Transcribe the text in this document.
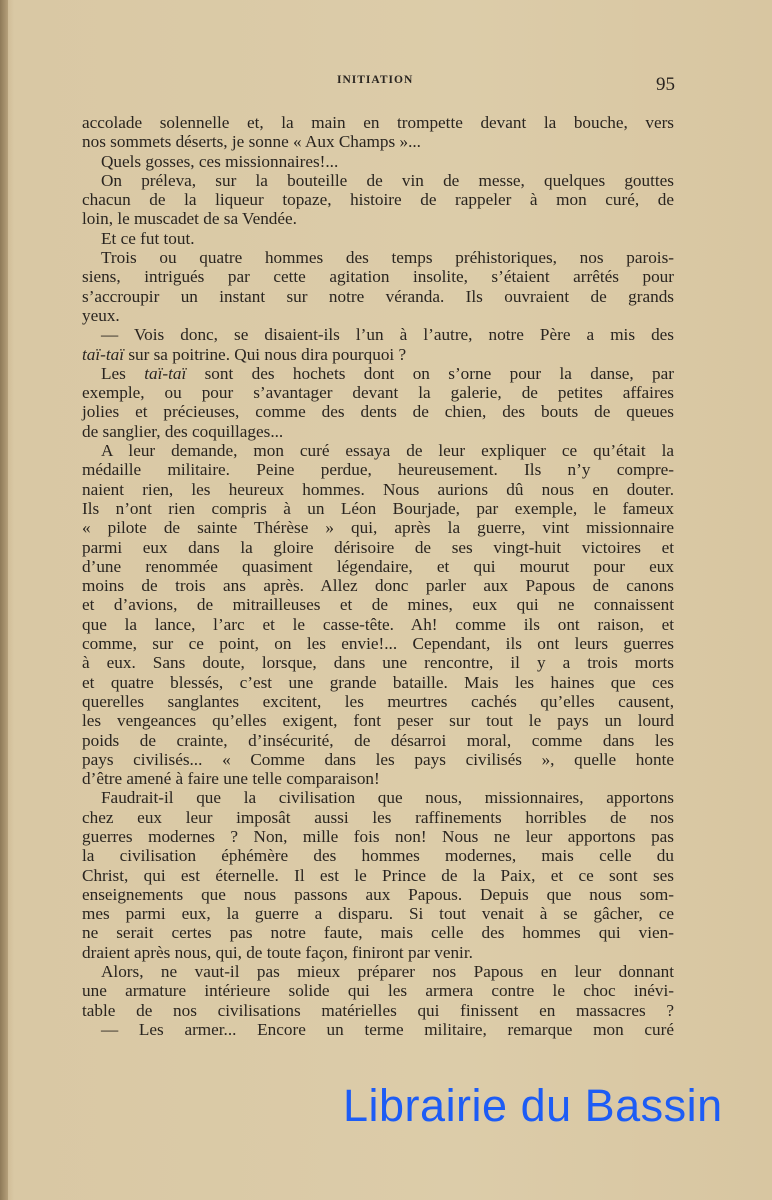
INITIATION	95
accolade solennelle et, la main en trompette devant la bouche, vers
nos sommets déserts, je sonne « Aux Champs »...
Quels gosses, ces missionnaires!...
On préleva, sur la bouteille de vin de messe, quelques gouttes
chacun de la liqueur topaze, histoire de rappeler à mon curé, de
loin, le muscadet de sa Vendée.
Et ce fut tout.
Trois ou quatre hommes des temps préhistoriques, nos parois-
siens, intrigués par cette agitation insolite, s’étaient arrêtés pour
s’accroupir un instant sur notre véranda. Ils ouvraient de grands
yeux.
— Vois donc, se disaient-ils l’un à l’autre, notre Père a mis des
taï-taï sur sa poitrine. Qui nous dira pourquoi ?
Les taï-taï sont des hochets dont on s’orne pour la danse, par
exemple, ou pour s’avantager devant la galerie, de petites affaires
jolies et précieuses, comme des dents de chien, des bouts de queues
de sanglier, des coquillages...
A leur demande, mon curé essaya de leur expliquer ce qu’était la
médaille militaire. Peine perdue, heureusement. Ils n’y compre-
naient rien, les heureux hommes. Nous aurions dû nous en douter.
Ils n’ont rien compris à un Léon Bourjade, par exemple, le fameux
« pilote de sainte Thérèse » qui, après la guerre, vint missionnaire
parmi eux dans la gloire dérisoire de ses vingt-huit victoires et
d’une renommée quasiment légendaire, et qui mourut pour eux
moins de trois ans après. Allez donc parler aux Papous de canons
et d’avions, de mitrailleuses et de mines, eux qui ne connaissent
que la lance, l’arc et le casse-tête. Ah! comme ils ont raison, et
comme, sur ce point, on les envie!... Cependant, ils ont leurs guerres
à eux. Sans doute, lorsque, dans une rencontre, il y a trois morts
et quatre blessés, c’est une grande bataille. Mais les haines que ces
querelles sanglantes excitent, les meurtres cachés qu’elles causent,
les vengeances qu’elles exigent, font peser sur tout le pays un lourd
poids de crainte, d’insécurité, de désarroi moral, comme dans les
pays civilisés... « Comme dans les pays civilisés », quelle honte
d’être amené à faire une telle comparaison!
Faudrait-il que la civilisation que nous, missionnaires, apportons
chez eux leur imposât aussi les raffinements horribles de nos
guerres modernes ? Non, mille fois non! Nous ne leur apportons pas
la civilisation éphémère des hommes modernes, mais celle du
Christ, qui est éternelle. Il est le Prince de la Paix, et ce sont ses
enseignements que nous passons aux Papous. Depuis que nous som-
mes parmi eux, la guerre a disparu. Si tout venait à se gâcher, ce
ne serait certes pas notre faute, mais celle des hommes qui vien-
draient après nous, qui, de toute façon, finiront par venir.
Alors, ne vaut-il pas mieux préparer nos Papous en leur donnant
une armature intérieure solide qui les armera contre le choc inévi-
table de nos civilisations matérielles qui finissent en massacres ?
— Les armer... Encore un terme militaire, remarque mon curé
Librairie du Bassin
